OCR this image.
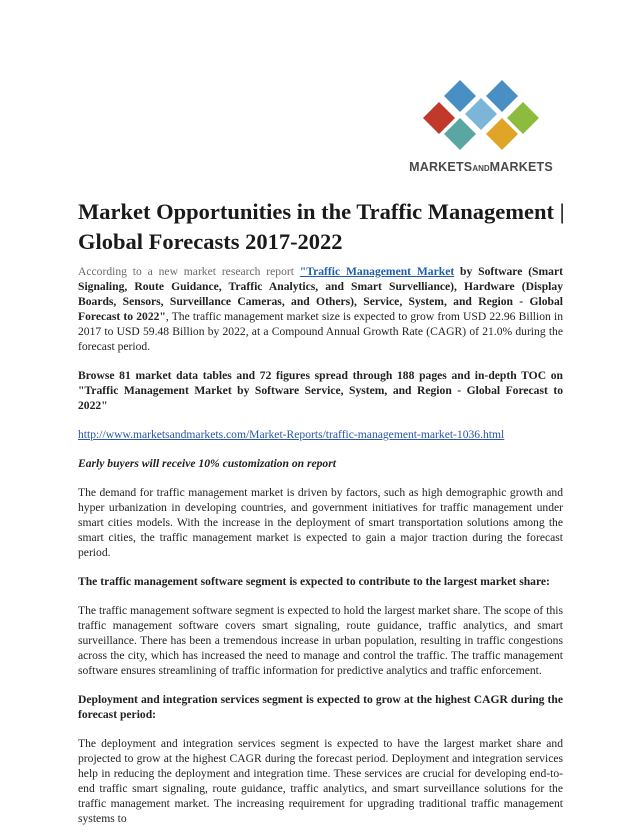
MARKETSANDMARKETS
Market Opportunities in the Traffic Management | Global Forecasts 2017-2022

According to a new market research report "Traffic Management Market by Software (Smart Signaling, Route Guidance, Traffic Analytics, and Smart Survelliance), Hardware (Display Boards, Sensors, Surveillance Cameras, and Others), Service, System, and Region - Global Forecast to 2022", The traffic management market size is expected to grow from USD 22.96 Billion in 2017 to USD 59.48 Billion by 2022, at a Compound Annual Growth Rate (CAGR) of 21.0% during the forecast period.

Browse 81 market data tables and 72 figures spread through 188 pages and in-depth TOC on "Traffic Management Market by Software Service, System, and Region - Global Forecast to 2022"

http://www.marketsandmarkets.com/Market-Reports/traffic-management-market-1036.html

Early buyers will receive 10% customization on report

The demand for traffic management market is driven by factors, such as high demographic growth and hyper urbanization in developing countries, and government initiatives for traffic management under smart cities models. With the increase in the deployment of smart transportation solutions among the smart cities, the traffic management market is expected to gain a major traction during the forecast period.

The traffic management software segment is expected to contribute to the largest market share:

The traffic management software segment is expected to hold the largest market share. The scope of this traffic management software covers smart signaling, route guidance, traffic analytics, and smart surveillance. There has been a tremendous increase in urban population, resulting in traffic congestions across the city, which has increased the need to manage and control the traffic. The traffic management software ensures streamlining of traffic information for predictive analytics and traffic enforcement.

Deployment and integration services segment is expected to grow at the highest CAGR during the forecast period:

The deployment and integration services segment is expected to have the largest market share and projected to grow at the highest CAGR during the forecast period. Deployment and integration services help in reducing the deployment and integration time. These services are crucial for developing end-to-end traffic smart signaling, route guidance, traffic analytics, and smart surveillance solutions for the traffic management market. The increasing requirement for upgrading traditional traffic management systems to
